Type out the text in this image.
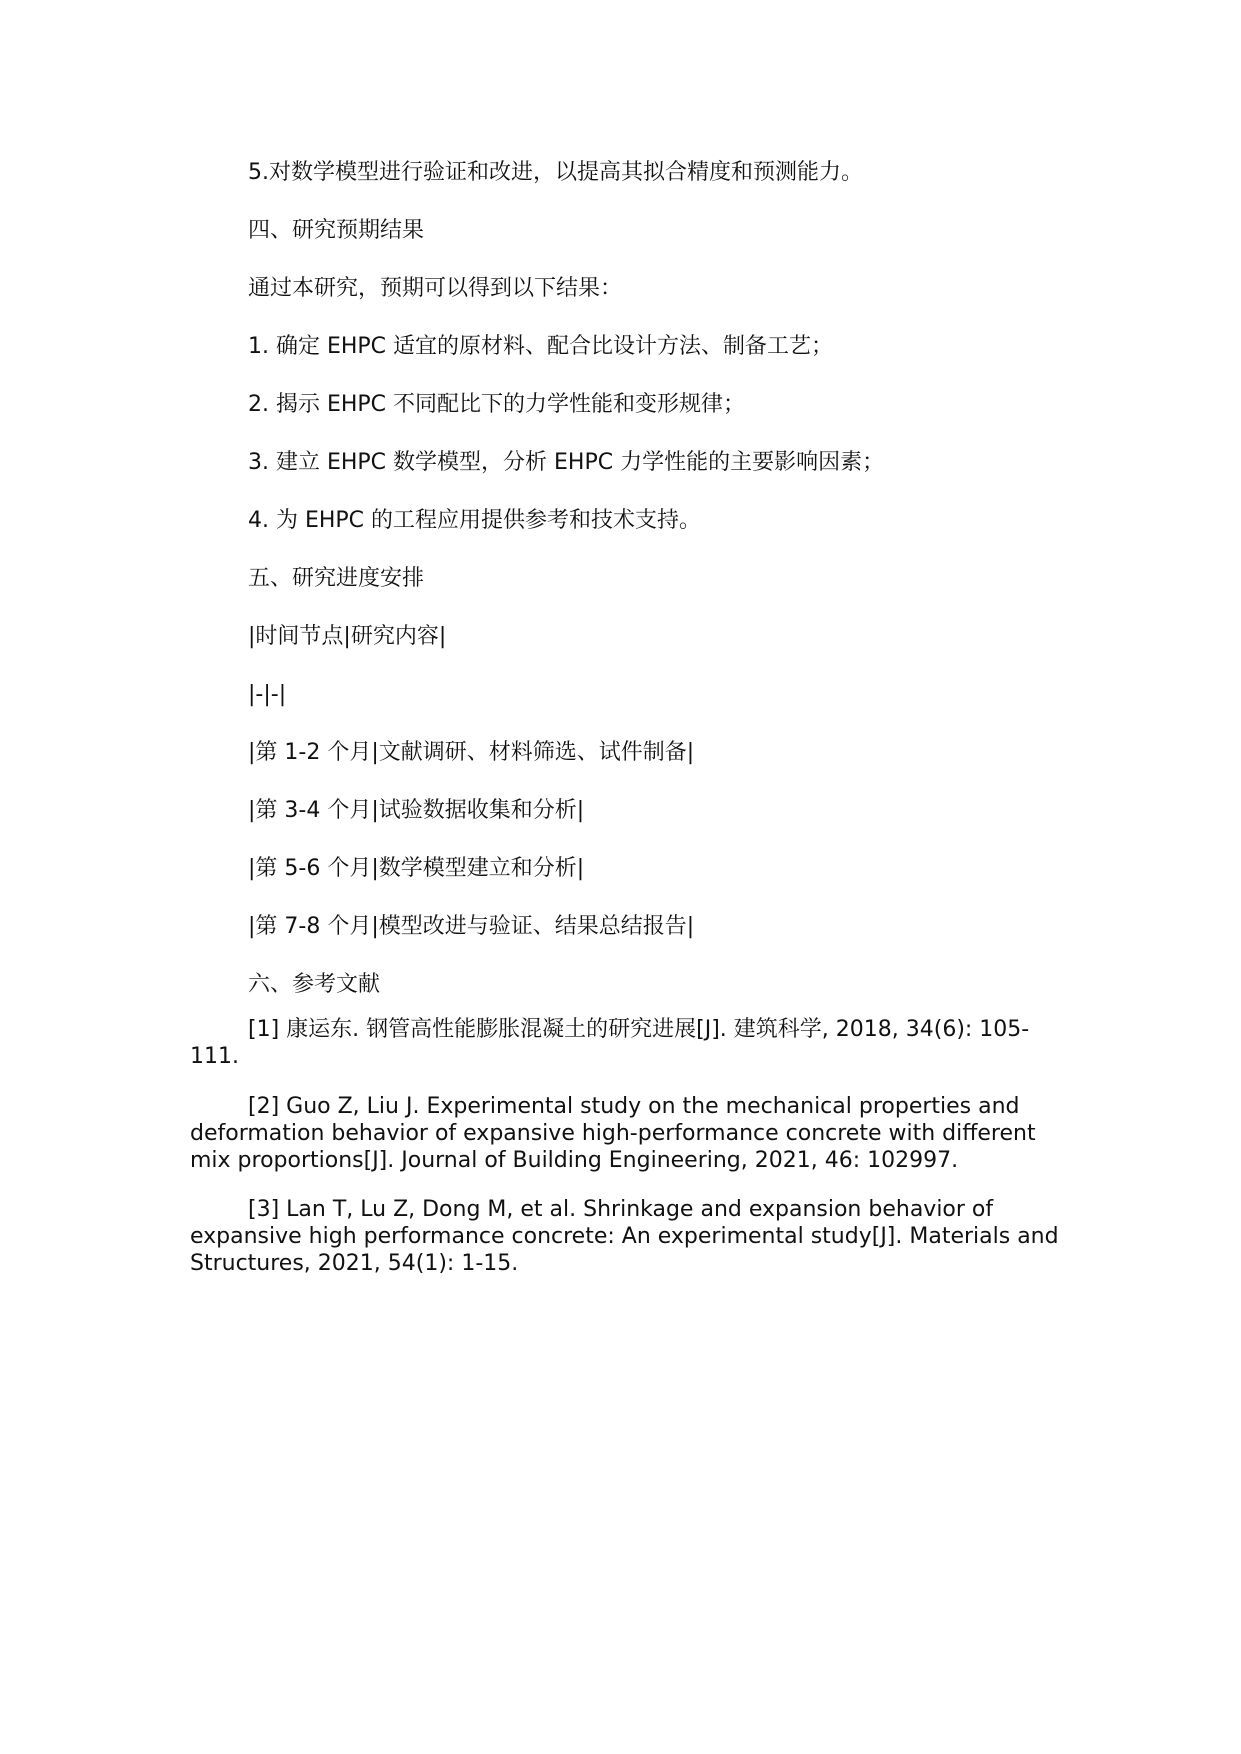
5.对数学模型进行验证和改进，以提高其拟合精度和预测能力。
四、研究预期结果
通过本研究，预期可以得到以下结果：
1. 确定 EHPC 适宜的原材料、配合比设计方法、制备工艺；
2. 揭示 EHPC 不同配比下的力学性能和变形规律；
3. 建立 EHPC 数学模型，分析 EHPC 力学性能的主要影响因素；
4. 为 EHPC 的工程应用提供参考和技术支持。
五、研究进度安排
|时间节点|研究内容|
|-|-|
|第 1-2 个月|文献调研、材料筛选、试件制备|
|第 3-4 个月|试验数据收集和分析|
|第 5-6 个月|数学模型建立和分析|
|第 7-8 个月|模型改进与验证、结果总结报告|
六、参考文献
[1] 康运东. 钢管高性能膨胀混凝土的研究进展[J]. 建筑科学, 2018, 34(6): 105-111.
[2] Guo Z, Liu J. Experimental study on the mechanical properties and deformation behavior of expansive high-performance concrete with different mix proportions[J]. Journal of Building Engineering, 2021, 46: 102997.
[3] Lan T, Lu Z, Dong M, et al. Shrinkage and expansion behavior of expansive high performance concrete: An experimental study[J]. Materials and Structures, 2021, 54(1): 1-15.
